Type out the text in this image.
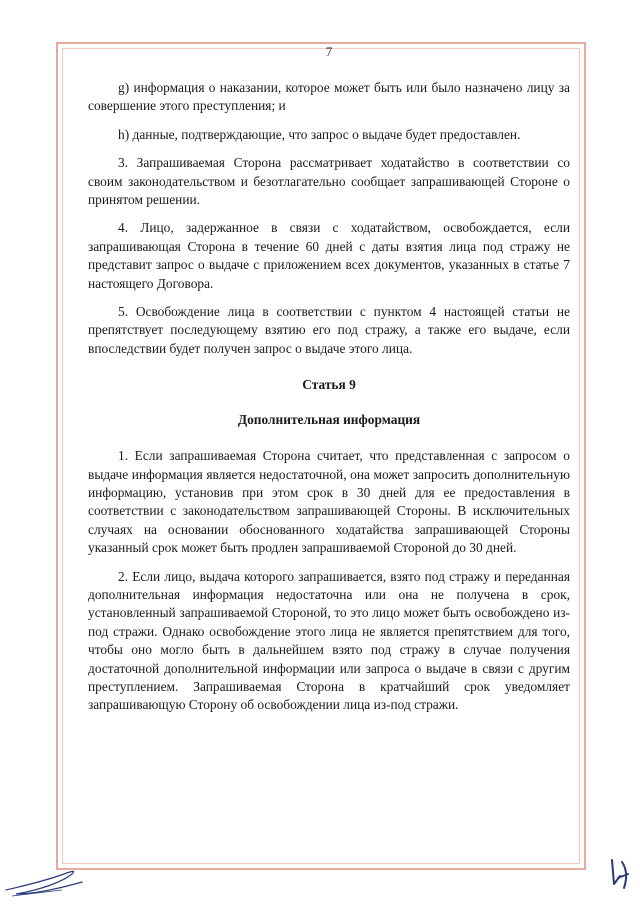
7

g) информация о наказании, которое может быть или было назначено лицу за совершение этого преступления; и

h) данные, подтверждающие, что запрос о выдаче будет предоставлен.

3. Запрашиваемая Сторона рассматривает ходатайство в соответствии со своим законодательством и безотлагательно сообщает запрашивающей Стороне о принятом решении.

4. Лицо, задержанное в связи с ходатайством, освобождается, если запрашивающая Сторона в течение 60 дней с даты взятия лица под стражу не представит запрос о выдаче с приложением всех документов, указанных в статье 7 настоящего Договора.

5. Освобождение лица в соответствии с пунктом 4 настоящей статьи не препятствует последующему взятию его под стражу, а также его выдаче, если впоследствии будет получен запрос о выдаче этого лица.

Статья 9
Дополнительная информация

1. Если запрашиваемая Сторона считает, что представленная с запросом о выдаче информация является недостаточной, она может запросить дополнительную информацию, установив при этом срок в 30 дней для ее предоставления в соответствии с законодательством запрашивающей Стороны. В исключительных случаях на основании обоснованного ходатайства запрашивающей Стороны указанный срок может быть продлен запрашиваемой Стороной до 30 дней.

2. Если лицо, выдача которого запрашивается, взято под стражу и переданная дополнительная информация недостаточна или она не получена в срок, установленный запрашиваемой Стороной, то это лицо может быть освобождено из-под стражи. Однако освобождение этого лица не является препятствием для того, чтобы оно могло быть в дальнейшем взято под стражу в случае получения достаточной дополнительной информации или запроса о выдаче в связи с другим преступлением. Запрашиваемая Сторона в кратчайший срок уведомляет запрашивающую Сторону об освобождении лица из-под стражи.
